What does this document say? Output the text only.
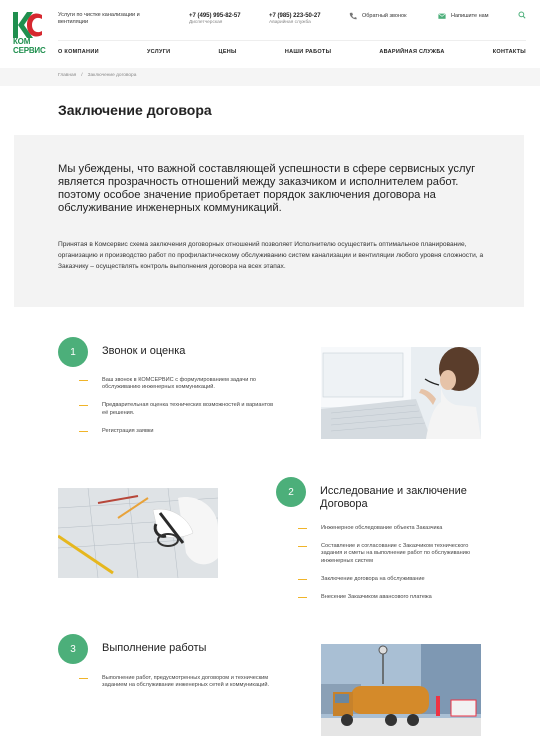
КОМ
СЕРВИС
Услуги по чистке канализации и вентиляции
+7 (495) 995-82-57
Диспетчерская
+7 (985) 223-50-27
Аварийная служба
Обратный звонок	Напишите нам
О КОМПАНИИ	УСЛУГИ	ЦЕНЫ	НАШИ РАБОТЫ	АВАРИЙНАЯ СЛУЖБА	КОНТАКТЫ
Главная / Заключение договора
Заключение договора

Мы убеждены, что важной составляющей успешности в сфере сервисных услуг является прозрачность отношений между заказчиком и исполнителем работ. поэтому особое значение приобретает порядок заключения договора на обслуживание инженерных коммуникаций.

Принятая в Комсервис схема заключения договорных отношений позволяет Исполнителю осуществить оптимальное планирование, организацию и производство работ по профилактическому обслуживанию систем канализации и вентиляции любого уровня сложности, а Заказчику – осуществлять контроль выполнения договора на всех этапах.

1	Звонок и оценка
Ваш звонок в КОМСЕРВИС с формулированием задачи по обслуживанию инженерных коммуникаций.
Предварительная оценка технических возможностей и вариантов её решения.
Регистрация заявки
2	Исследование и заключение Договора
Инженерное обследование объекта Заказчика
Составление и согласование с Заказчиком технического задания и сметы на выполнение работ по обслуживанию инженерных систем
Заключение договора на обслуживание
Внесение Заказчиком авансового платежа
3	Выполнение работы
Выполнение работ, предусмотренных договором и техническим заданием на обслуживание инженерных сетей и коммуникаций.
